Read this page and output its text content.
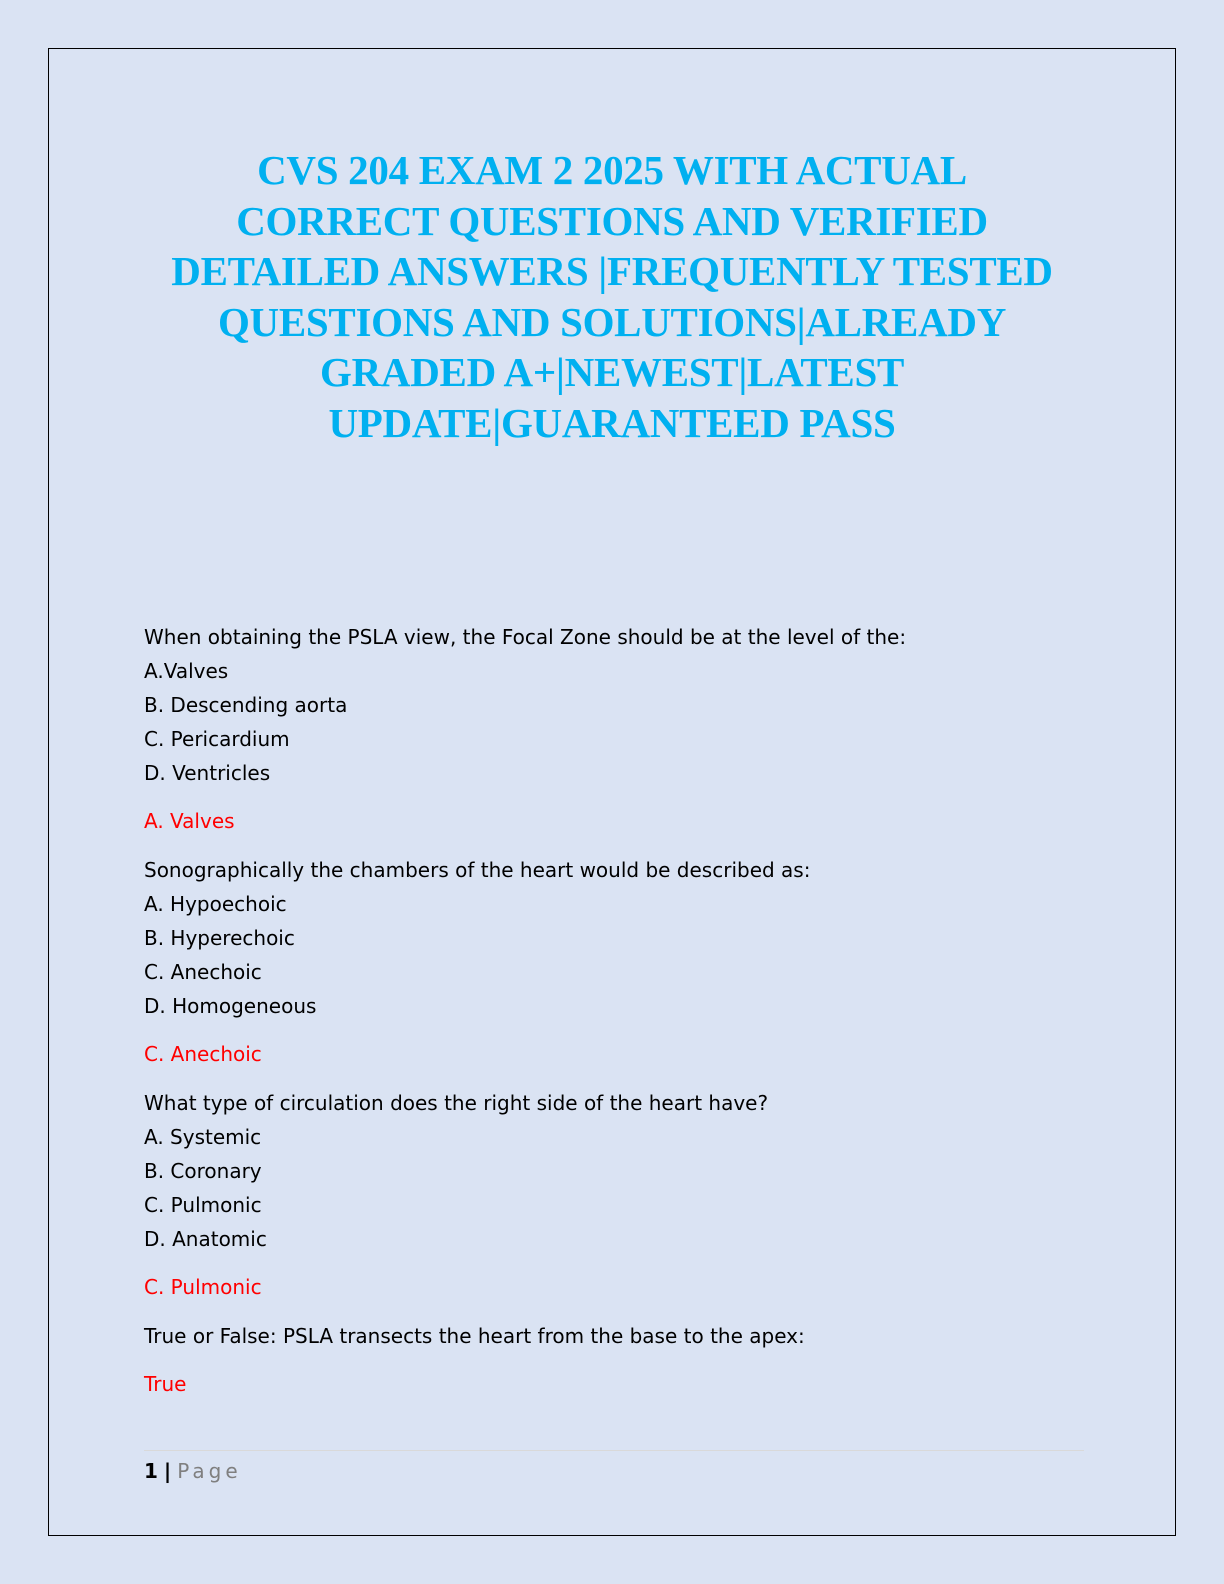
CVS 204 EXAM 2 2025 WITH ACTUAL
CORRECT QUESTIONS AND VERIFIED
DETAILED ANSWERS |FREQUENTLY TESTED
QUESTIONS AND SOLUTIONS|ALREADY
GRADED A+|NEWEST|LATEST
UPDATE|GUARANTEED PASS
When obtaining the PSLA view, the Focal Zone should be at the level of the:
A.Valves
B. Descending aorta
C. Pericardium
D. Ventricles
A. Valves
Sonographically the chambers of the heart would be described as:
A. Hypoechoic
B. Hyperechoic
C. Anechoic
D. Homogeneous
C. Anechoic
What type of circulation does the right side of the heart have?
A. Systemic
B. Coronary
C. Pulmonic
D. Anatomic
C. Pulmonic
True or False: PSLA transects the heart from the base to the apex:
True
1 | Page
